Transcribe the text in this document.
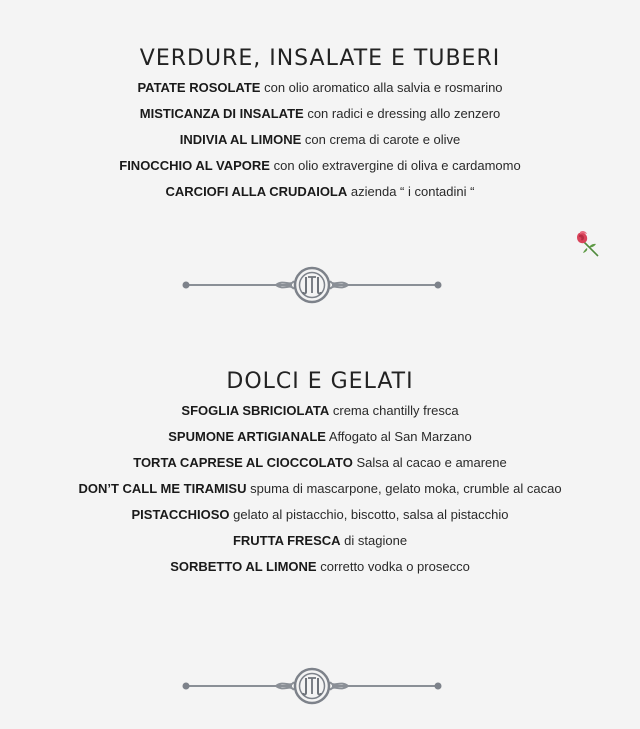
VERDURE, INSALATE E TUBERI
PATATE ROSOLATE con olio aromatico alla salvia e rosmarino
MISTICANZA DI INSALATE con radici e dressing allo zenzero
INDIVIA AL LIMONE con crema di carote e olive
FINOCCHIO AL VAPORE con olio extravergine di oliva e cardamomo
CARCIOFI ALLA CRUDAIOLA azienda “ i contadini “
DOLCI E GELATI
SFOGLIA SBRICIOLATA crema chantilly fresca
SPUMONE ARTIGIANALE Affogato al San Marzano
TORTA CAPRESE AL CIOCCOLATO Salsa al cacao e amarene
DON’T CALL ME TIRAMISU spuma di mascarpone, gelato moka, crumble al cacao
PISTACCHIOSO gelato al pistacchio, biscotto, salsa al pistacchio
FRUTTA FRESCA di stagione
SORBETTO AL LIMONE corretto vodka o prosecco
